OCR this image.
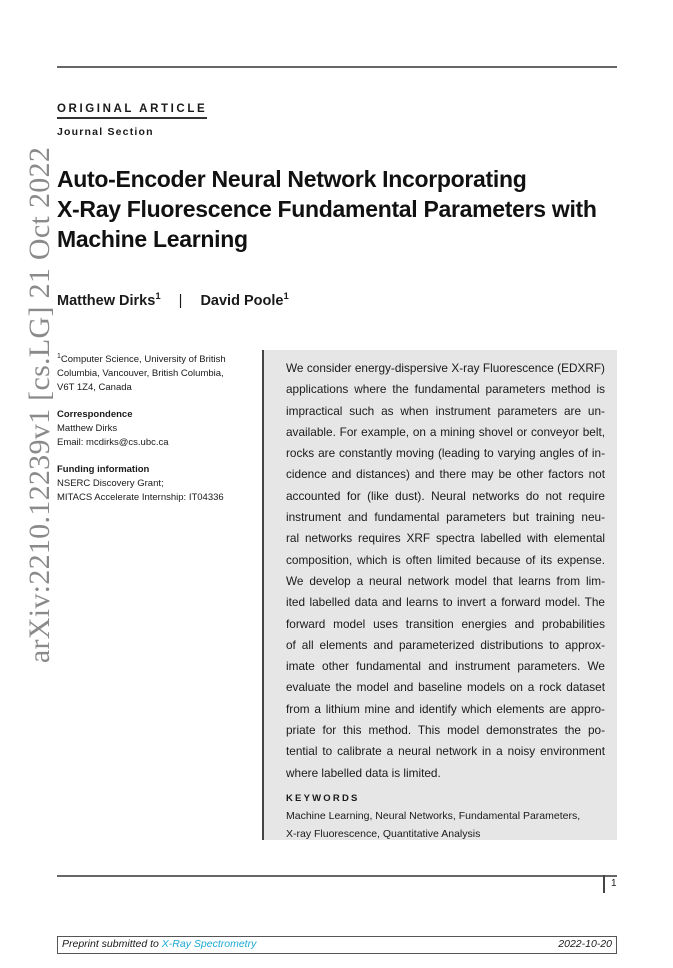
arXiv:2210.12239v1 [cs.LG] 21 Oct 2022
ORIGINAL ARTICLE
Journal Section
Auto-Encoder Neural Network Incorporating
X-Ray Fluorescence Fundamental Parameters with
Machine Learning
Matthew Dirks$^1$ | David Poole$^1$
$^1$Computer Science, University of British
Columbia, Vancouver, British Columbia,
V6T 1Z4, Canada
Correspondence
Matthew Dirks
Email: mcdirks@cs.ubc.ca
Funding information
NSERC Discovery Grant;
MITACS Accelerate Internship: IT04336
We consider energy-dispersive X-ray Fluorescence (EDXRF)
applications where the fundamental parameters method is
impractical such as when instrument parameters are un-
available. For example, on a mining shovel or conveyor belt,
rocks are constantly moving (leading to varying angles of in-
cidence and distances) and there may be other factors not
accounted for (like dust). Neural networks do not require
instrument and fundamental parameters but training neu-
ral networks requires XRF spectra labelled with elemental
composition, which is often limited because of its expense.
We develop a neural network model that learns from lim-
ited labelled data and learns to invert a forward model. The
forward model uses transition energies and probabilities
of all elements and parameterized distributions to approx-
imate other fundamental and instrument parameters. We
evaluate the model and baseline models on a rock dataset
from a lithium mine and identify which elements are appro-
priate for this method. This model demonstrates the po-
tential to calibrate a neural network in a noisy environment
where labelled data is limited.
KEYWORDS
Machine Learning, Neural Networks, Fundamental Parameters,
X-ray Fluorescence, Quantitative Analysis
1
Preprint submitted to X-Ray Spectrometry	2022-10-20
